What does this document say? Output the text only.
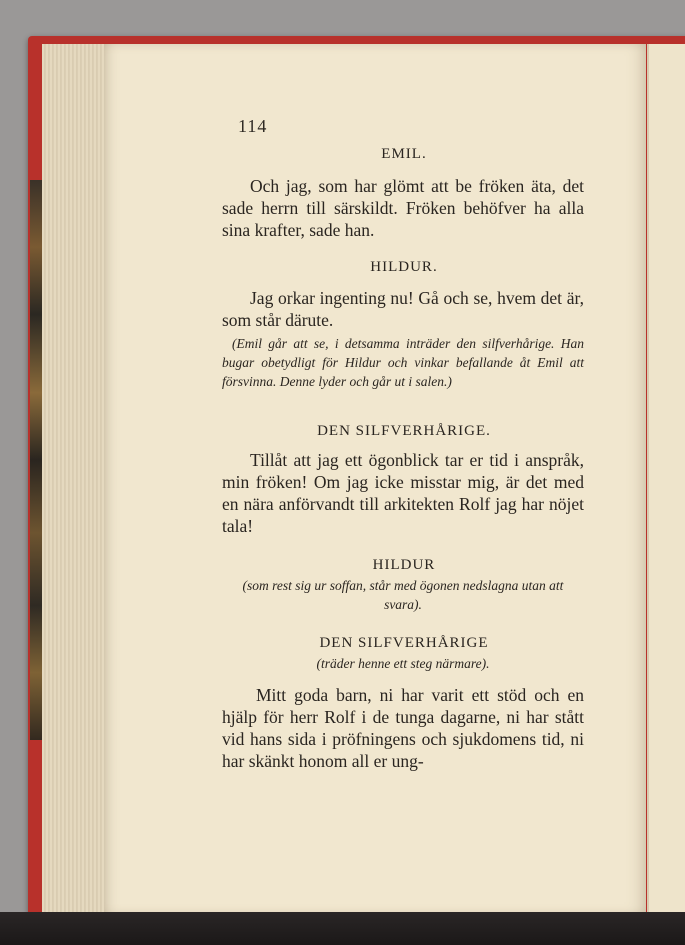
114
EMIL.
Och jag, som har glömt att be fröken äta, det sade herrn till särskildt. Fröken behöfver ha alla sina krafter, sade han.
HILDUR.
Jag orkar ingenting nu! Gå och se, hvem det är, som står därute.
(Emil går att se, i detsamma inträder den silfverhårige. Han bugar obetydligt för Hildur och vinkar befallande åt Emil att försvinna. Denne lyder och går ut i salen.)
DEN SILFVERHÅRIGE.
Tillåt att jag ett ögonblick tar er tid i anspråk, min fröken! Om jag icke misstar mig, är det med en nära anförvandt till arkitekten Rolf jag har nöjet tala!
HILDUR
(som rest sig ur soffan, står med ögonen nedslagna utan att svara).
DEN SILFVERHÅRIGE
(träder henne ett steg närmare).
Mitt goda barn, ni har varit ett stöd och en hjälp för herr Rolf i de tunga dagarne, ni har stått vid hans sida i pröfningens och sjukdomens tid, ni har skänkt honom all er ung-
